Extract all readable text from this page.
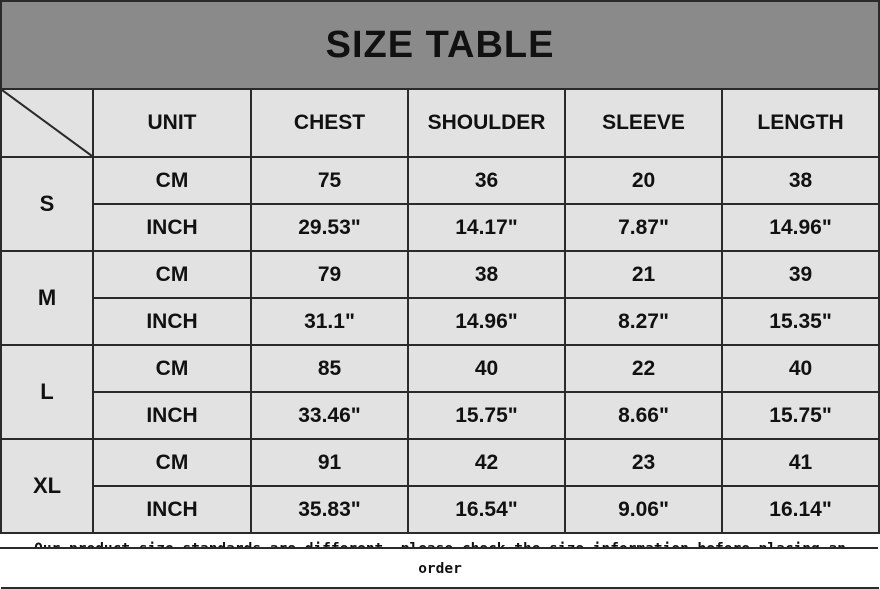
SIZE TABLE					

	UNIT	CHEST	SHOULDER	SLEEVE	LENGTH
S	CM	75	36	20	38
	INCH	29.53"	14.17"	7.87"	14.96"
M	CM	79	38	21	39
	INCH	31.1"	14.96"	8.27"	15.35"
L	CM	85	40	22	40
	INCH	33.46"	15.75"	8.66"	15.75"
XL	CM	91	42	23	41
	INCH	35.83"	16.54"	9.06"	16.14"
order					
